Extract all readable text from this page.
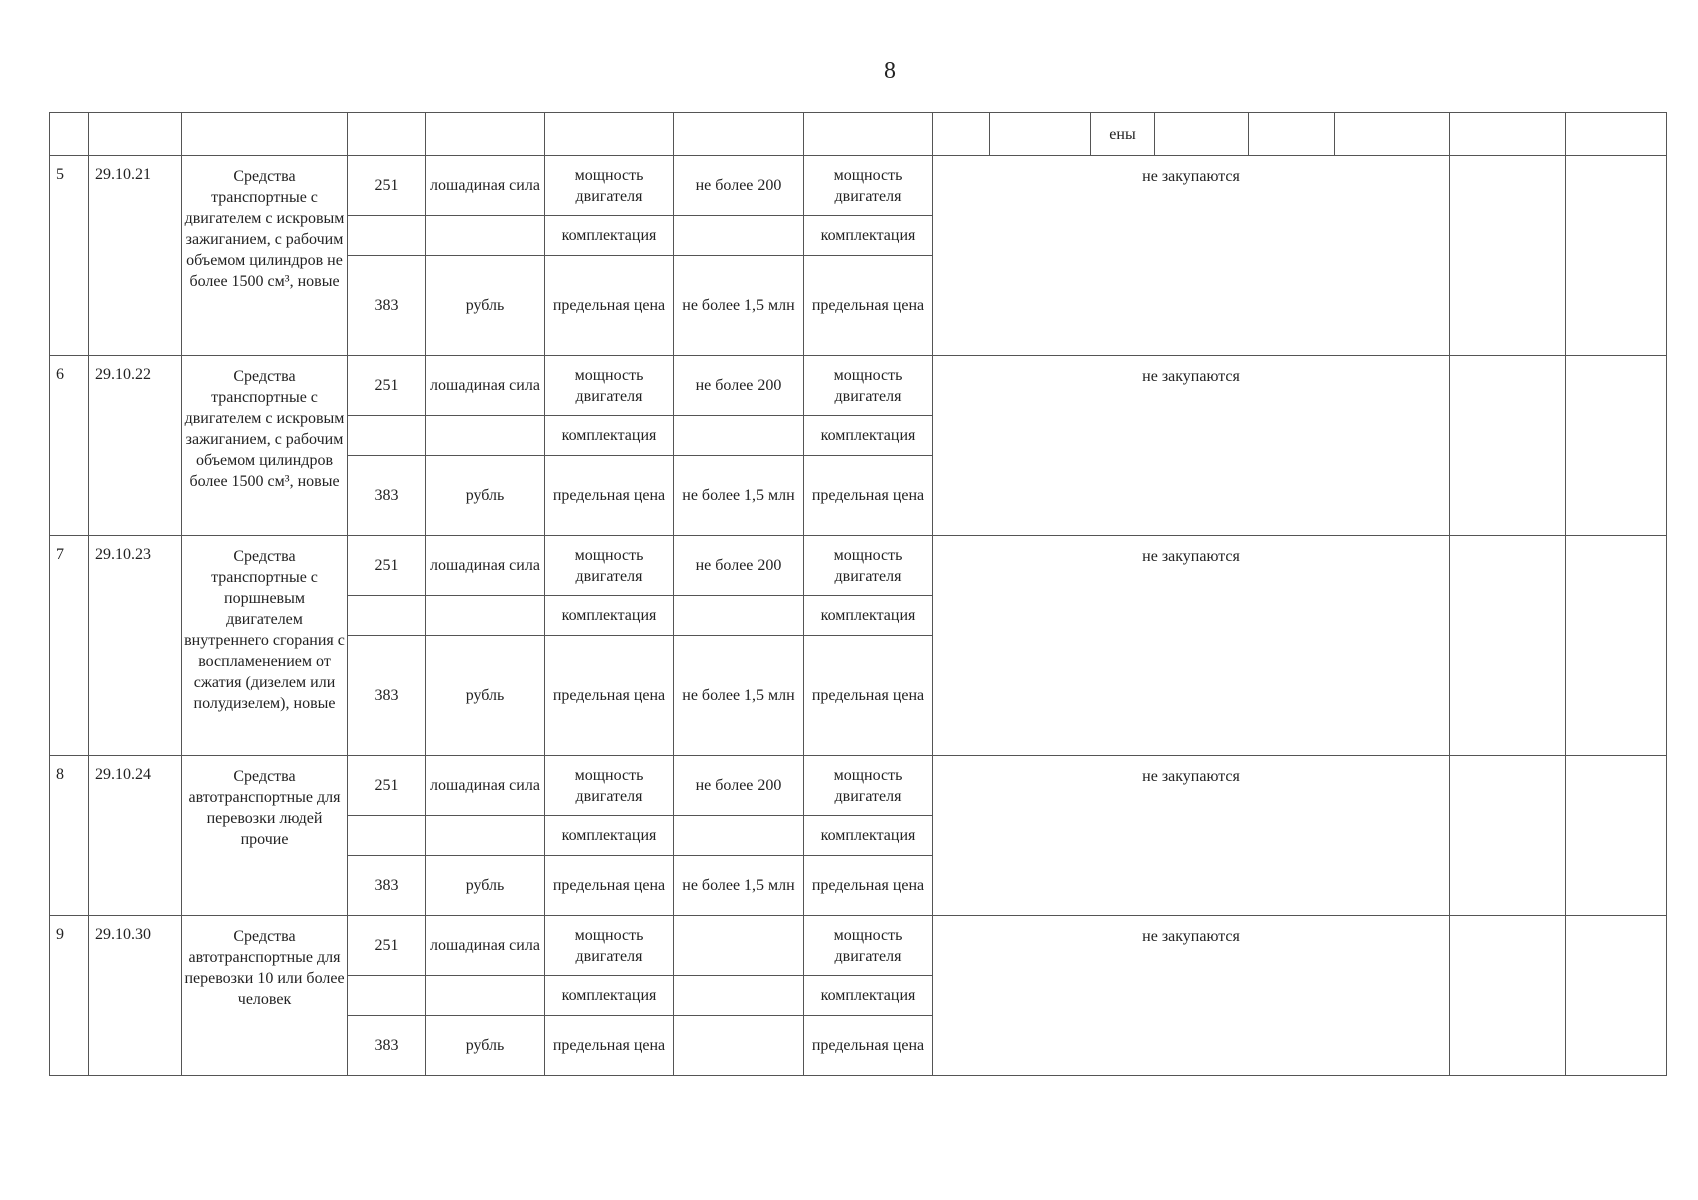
8
										ены					
5	29.10.21	Средства транспортные с двигателем с искровым зажиганием, с рабочим объемом цилиндров не более 1500 см³, новые	251	лошадиная сила	мощность двигателя	не более 200	мощность двигателя	не закупаются							
					комплектация		комплектация								
			383	рубль	предельная цена	не более 1,5 млн	предельная цена								
6	29.10.22	Средства транспортные с двигателем с искровым зажиганием, с рабочим объемом цилиндров более 1500 см³, новые	251	лошадиная сила	мощность двигателя	не более 200	мощность двигателя	не закупаются							
					комплектация		комплектация								
			383	рубль	предельная цена	не более 1,5 млн	предельная цена								
7	29.10.23	Средства транспортные с поршневым двигателем внутреннего сгорания с воспламенением от сжатия (дизелем или полудизелем), новые	251	лошадиная сила	мощность двигателя	не более 200	мощность двигателя	не закупаются							
					комплектация		комплектация								
			383	рубль	предельная цена	не более 1,5 млн	предельная цена								
8	29.10.24	Средства автотранспортные для перевозки людей прочие	251	лошадиная сила	мощность двигателя	не более 200	мощность двигателя	не закупаются							
					комплектация		комплектация								
			383	рубль	предельная цена	не более 1,5 млн	предельная цена								
9	29.10.30	Средства автотранспортные для перевозки 10 или более человек	251	лошадиная сила	мощность двигателя		мощность двигателя	не закупаются							
					комплектация		комплектация								
			383	рубль	предельная цена		предельная цена								
